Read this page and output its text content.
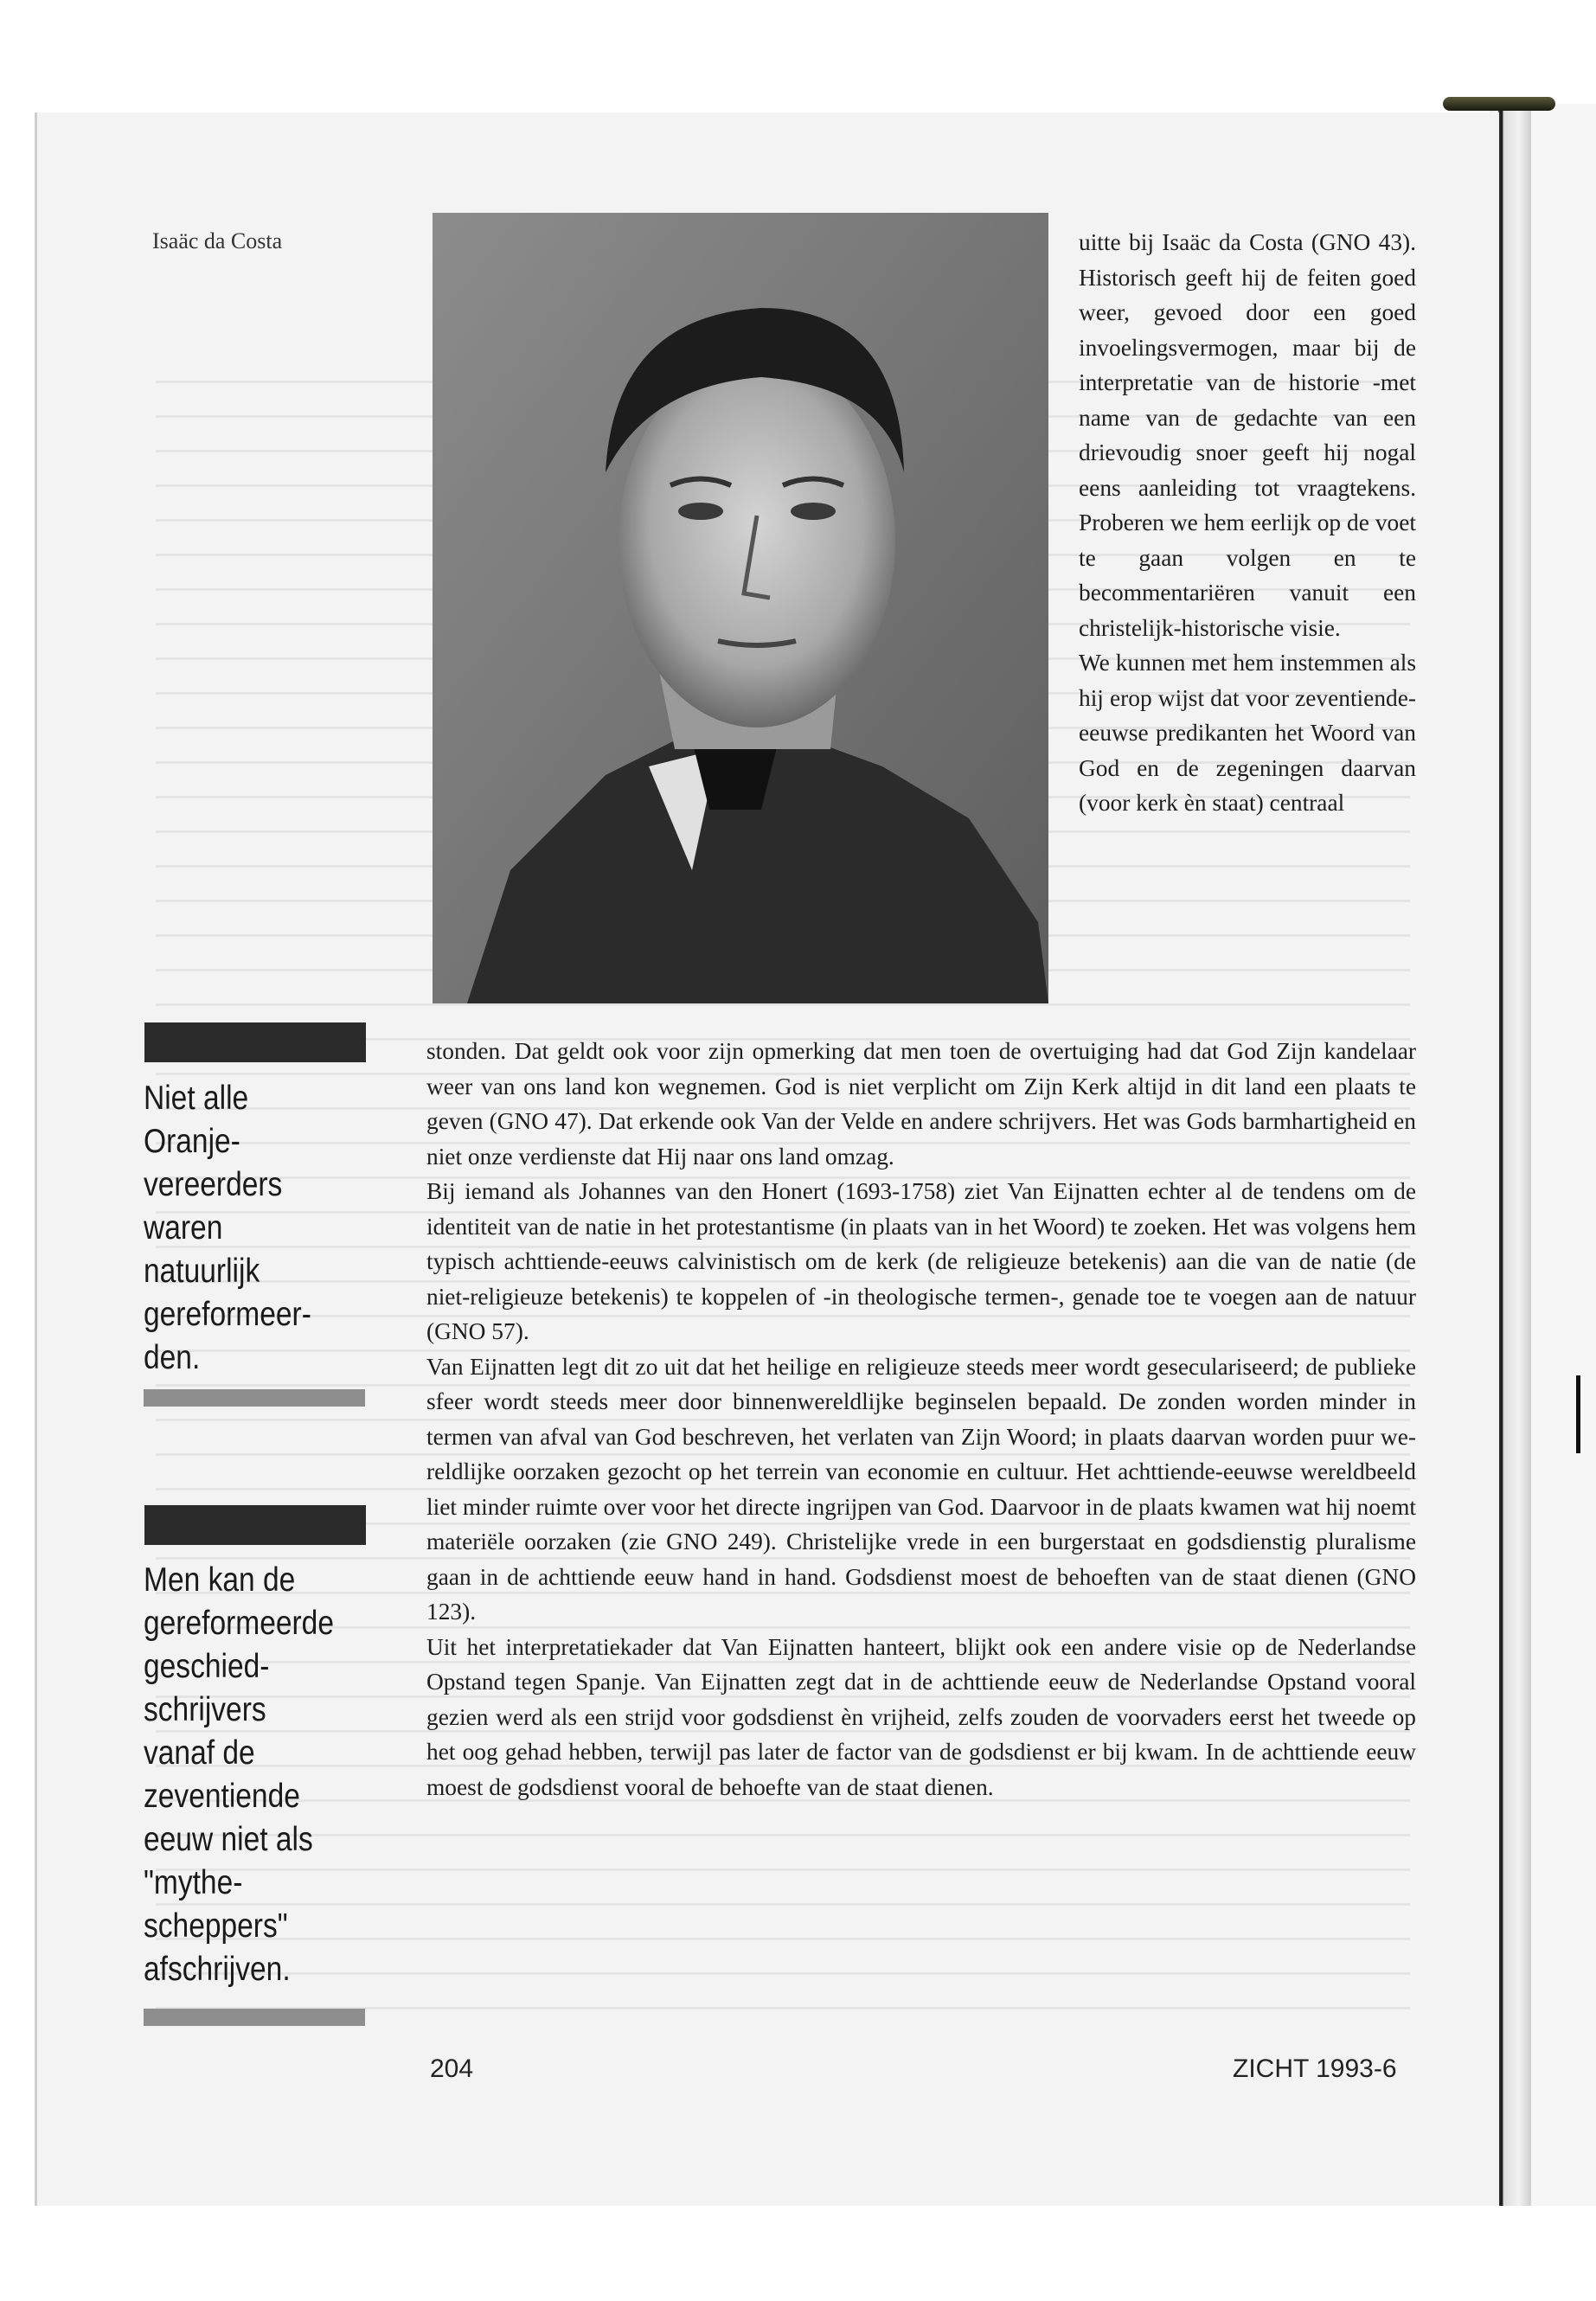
Isaäc da Costa	uitte bij Isaäc da Costa (GNO 43). Historisch geeft hij de feiten goed weer, gevoed door een goed invoelingsvermogen, maar bij de interpretatie van de historie -met name van de gedachte van een drievoudig snoer geeft hij nogal eens aanleiding tot vraagtekens. Proberen we hem eerlijk op de voet te gaan volgen en te becommentariëren vanuit een christelijk-historische visie.

We kunnen met hem instemmen als hij erop wijst dat voor zeventiendeeeuwse predikanten het Woord van God en de zegeningen daarvan (voor kerk èn staat) centraal

stonden. Dat geldt ook voor zijn opmerking dat men toen de overtuiging had dat God Zijn kandelaar weer van ons land kon wegnemen. God is niet verplicht om Zijn Kerk altijd in dit land een plaats te geven (GNO 47). Dat erkende ook Van der Velde en andere schrijvers. Het was Gods barmhartigheid en niet onze verdienste dat Hij naar ons land omzag.

Bij iemand als Johannes van den Honert (1693-1758) ziet Van Eijnatten echter al de tendens om de identiteit van de natie in het protestantisme (in plaats van in het Woord) te zoeken. Het was volgens hem typisch achttiende-eeuws calvinistisch om de kerk (de religieuze betekenis) aan die van de natie (de niet-religieuze betekenis) te koppelen of -in theologische termen-, genade toe te voegen aan de natuur (GNO 57).

Van Eijnatten legt dit zo uit dat het heilige en religieuze steeds meer wordt geseculariseerd; de publieke sfeer wordt steeds meer door binnenwereldlijke beginselen bepaald. De zonden worden minder in termen van afval van God beschreven, het verlaten van Zijn Woord; in plaats daarvan worden puur wereldlijke oorzaken gezocht op het terrein van economie en cultuur. Het achttiende-eeuwse wereldbeeld liet minder ruimte over voor het directe ingrijpen van God. Daarvoor in de plaats kwamen wat hij noemt materiële oorzaken (zie GNO 249). Christelijke vrede in een burgerstaat en godsdienstig pluralisme gaan in de achttiende eeuw hand in hand. Godsdienst moest de behoeften van de staat dienen (GNO 123).

Uit het interpretatiekader dat Van Eijnatten hanteert, blijkt ook een andere visie op de Nederlandse Opstand tegen Spanje. Van Eijnatten zegt dat in de achttiende eeuw de Nederlandse Opstand vooral gezien werd als een strijd voor godsdienst èn vrijheid, zelfs zouden de voorvaders eerst het tweede op het oog gehad hebben, terwijl pas later de factor van de godsdienst er bij kwam. In de achttiende eeuw moest de godsdienst vooral de behoefte van de staat dienen.

Niet alle Oranjevereerders waren natuurlijk gereformeerden.
Men kan de gereformeerde geschiedschrijvers vanaf de zeventiende eeuw niet als "mythescheppers" afschrijven.
204	ZICHT 1993-6
